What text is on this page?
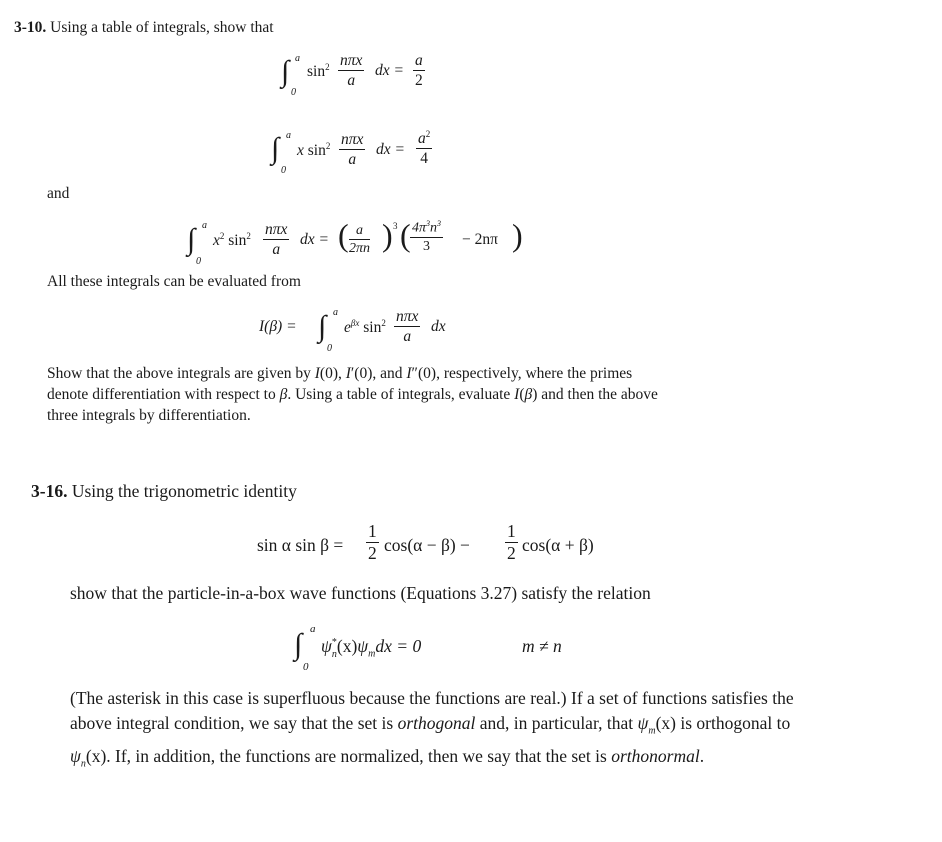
3-10. Using a table of integrals, show that
∫ a
0
$\sin^2 n\pi x$
a
dx = $\frac{a}{2}$
∫ a
0
x $\sin^2 n\pi x$
a
dx = $\frac{a^2}{4}$
and
∫ a
0
$x^2$ $\sin^2 n\pi x$
a
dx = ( $\frac{a}{2\pi n}$ ) 3 ( $\frac{4\pi^3n^3}{3} - 2n\pi$ )
All these integrals can be evaluated from
I(β) = ∫ a
0
$e^{\beta x}$ $\sin^2 n\pi x$
a
dx
Show that the above integrals are given by I(0), I′(0), and I″(0), respectively, where the primes denote differentiation with respect to β. Using a table of integrals, evaluate I(β) and then the above three integrals by differentiation.
3-16. Using the trigonometric identity
sin α $\sin \beta = \frac{1}{2} \cos(\alpha - \beta) - \frac{1}{2} \cos(\alpha + \beta)$
show that the particle-in-a-box wave functions (Equations 3.27) satisfy the relation
∫ a
0
$\psi^*_n(x)\psi_mdx = 0$	m ≠ n
(The asterisk in this case is superfluous because the functions are real.) If a set of functions satisfies the above integral condition, we say that the set is orthogonal and, in particular, that $\psi_m(x)$ is orthogonal to $\psi_n(x)$. If, in addition, the functions are normalized, then we say that the set is orthonormal.
